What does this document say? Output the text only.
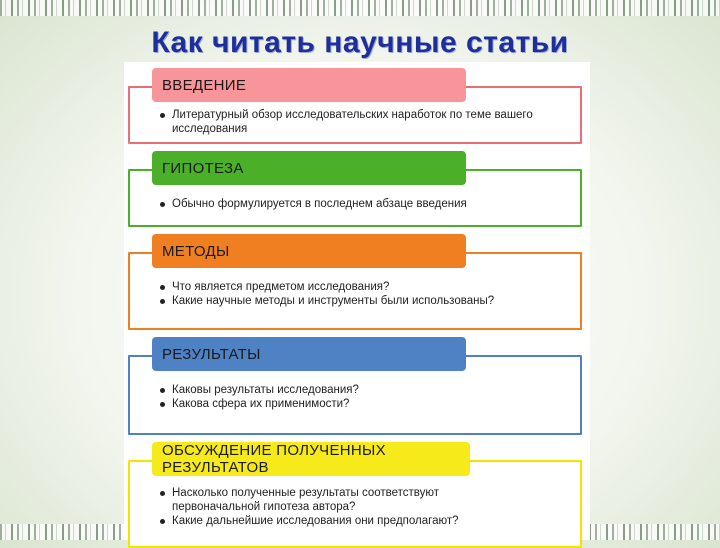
Как читать научные статьи
ВВЕДЕНИЕ
Литературный обзор исследовательских наработок по теме вашего исследования
ГИПОТЕЗА
Обычно формулируется в последнем абзаце введения
МЕТОДЫ
Что является предметом исследования?
Какие научные методы и инструменты были использованы?
РЕЗУЛЬТАТЫ
Каковы результаты исследования?
Какова сфера их применимости?
ОБСУЖДЕНИЕ ПОЛУЧЕННЫХ РЕЗУЛЬТАТОВ
Насколько полученные результаты соответствуют первоначальной гипотеза автора?
Какие дальнейшие исследования они предполагают?
